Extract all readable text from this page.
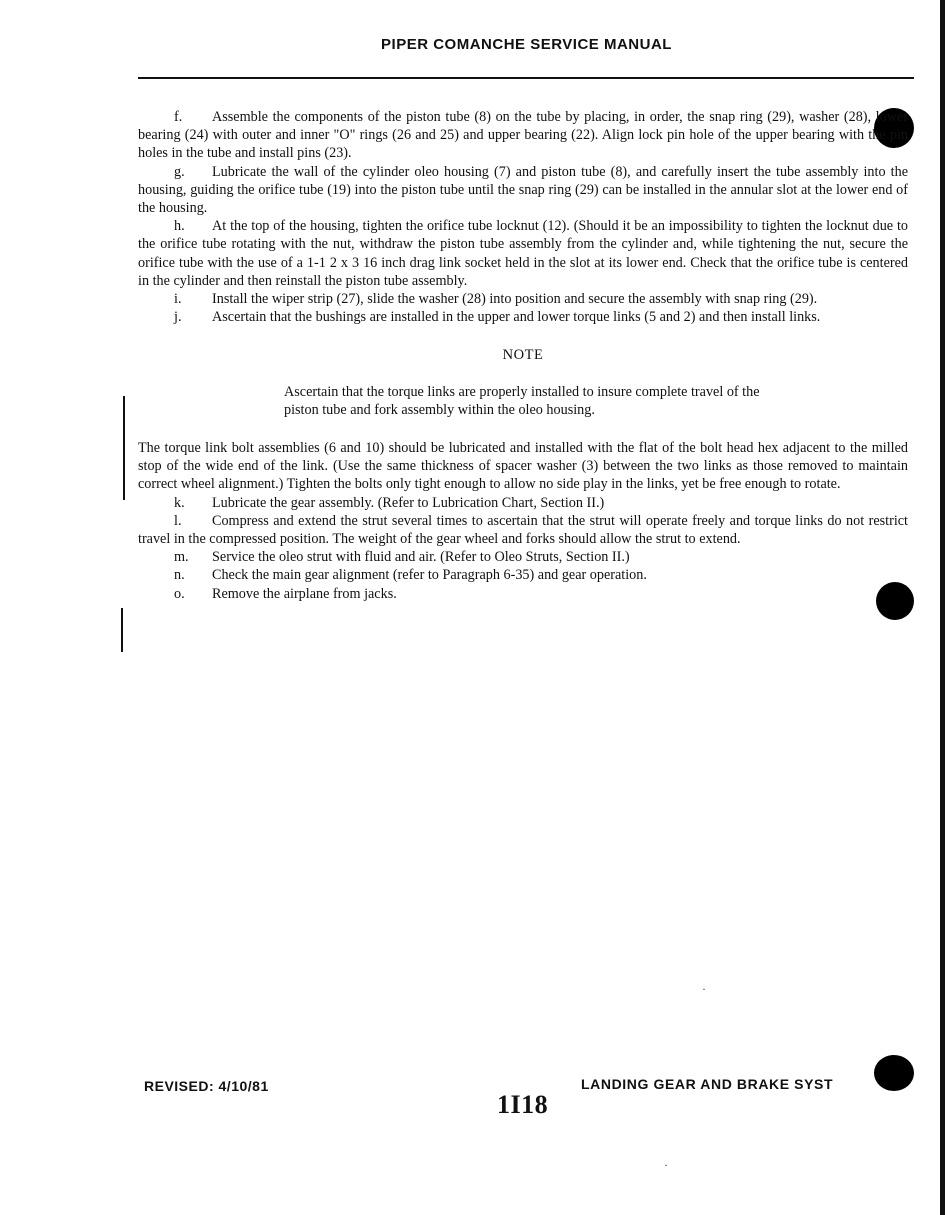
PIPER COMANCHE SERVICE MANUAL

f. Assemble the components of the piston tube (8) on the tube by placing, in order, the snap ring (29), washer (28), lower bearing (24) with outer and inner "O" rings (26 and 25) and upper bearing (22). Align lock pin hole of the upper bearing with the pin holes in the tube and install pins (23).

g. Lubricate the wall of the cylinder oleo housing (7) and piston tube (8), and carefully insert the tube assembly into the housing, guiding the orifice tube (19) into the piston tube until the snap ring (29) can be installed in the annular slot at the lower end of the housing.

h. At the top of the housing, tighten the orifice tube locknut (12). (Should it be an impossibility to tighten the locknut due to the orifice tube rotating with the nut, withdraw the piston tube assembly from the cylinder and, while tightening the nut, secure the orifice tube with the use of a 1-1 2 x 3 16 inch drag link socket held in the slot at its lower end. Check that the orifice tube is centered in the cylinder and then reinstall the piston tube assembly.

i. Install the wiper strip (27), slide the washer (28) into position and secure the assembly with snap ring (29).

j. Ascertain that the bushings are installed in the upper and lower torque links (5 and 2) and then install links.

NOTE

Ascertain that the torque links are properly installed to insure complete travel of the piston tube and fork assembly within the oleo housing.

The torque link bolt assemblies (6 and 10) should be lubricated and installed with the flat of the bolt head hex adjacent to the milled stop of the wide end of the link. (Use the same thickness of spacer washer (3) between the two links as those removed to maintain correct wheel alignment.) Tighten the bolts only tight enough to allow no side play in the links, yet be free enough to rotate.

k. Lubricate the gear assembly. (Refer to Lubrication Chart, Section II.)

l. Compress and extend the strut several times to ascertain that the strut will operate freely and torque links do not restrict travel in the compressed position. The weight of the gear wheel and forks should allow the strut to extend.

m. Service the oleo strut with fluid and air. (Refer to Oleo Struts, Section II.)

n. Check the main gear alignment (refer to Paragraph 6-35) and gear operation.

o. Remove the airplane from jacks.

·
·
REVISED: 4/10/81
1I18
LANDING GEAR AND BRAKE SYST
